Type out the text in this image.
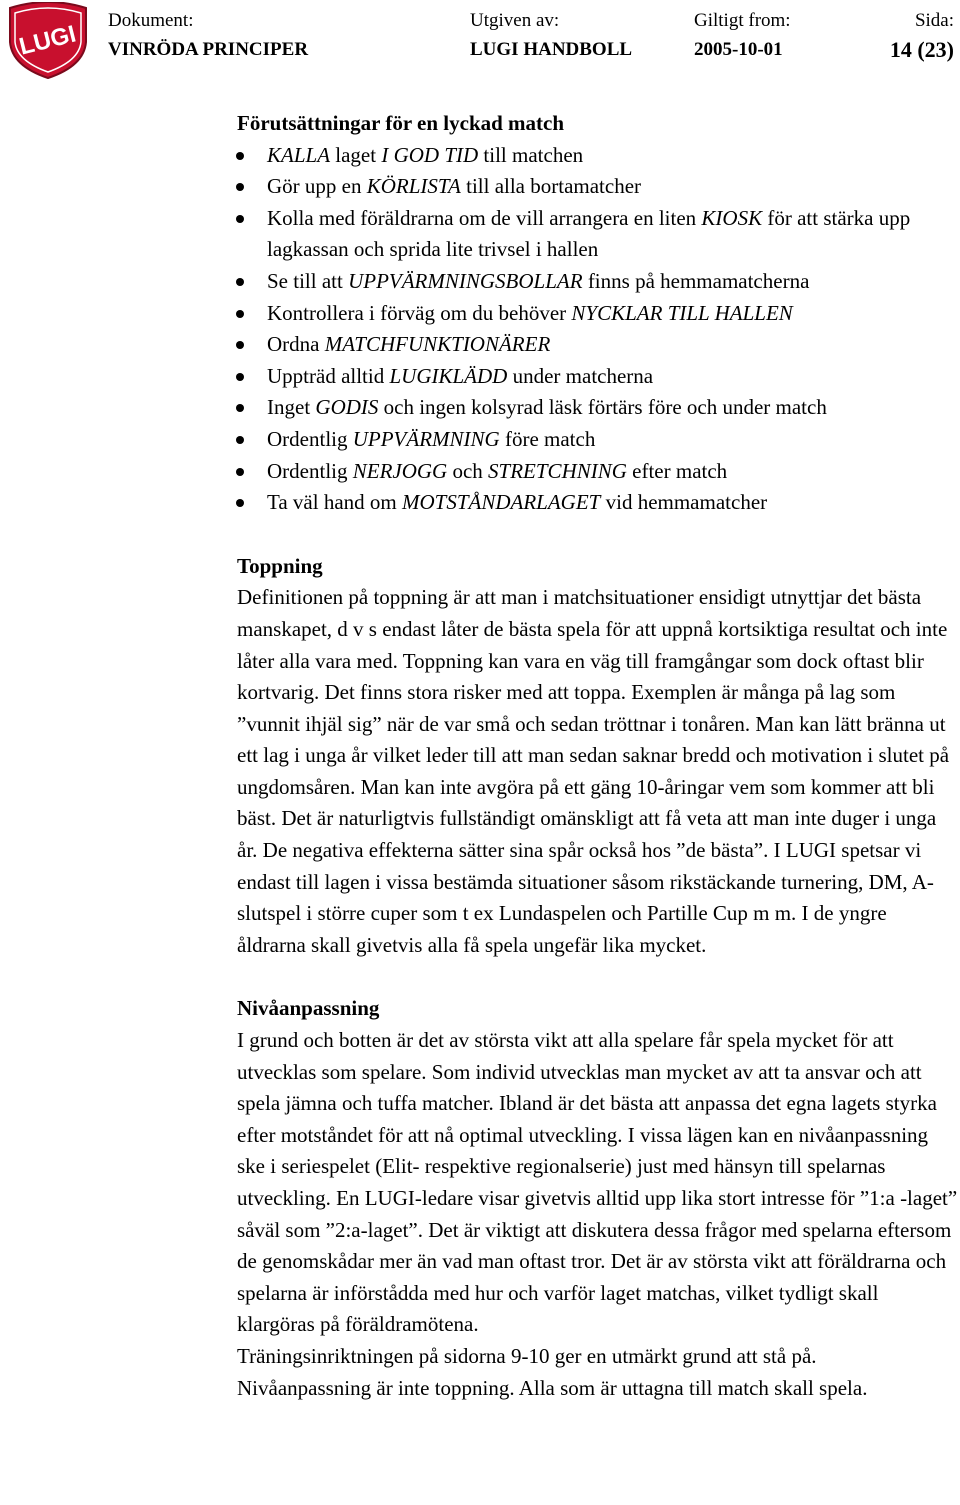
LUGI
Dokument:
VINRÖDA PRINCIPER
Utgiven av:
LUGI HANDBOLL
Giltigt from:
2005-10-01
Sida:
14 (23)
Förutsättningar för en lyckad match
KALLA laget I GOD TID till matchen
Gör upp en KÖRLISTA till alla bortamatcher
Kolla med föräldrarna om de vill arrangera en liten KIOSK för att stärka upp lagkassan och sprida lite trivsel i hallen
Se till att UPPVÄRMNINGSBOLLAR finns på hemmamatcherna
Kontrollera i förväg om du behöver NYCKLAR TILL HALLEN
Ordna MATCHFUNKTIONÄRER
Uppträd alltid LUGIKLÄDD under matcherna
Inget GODIS och ingen kolsyrad läsk förtärs före och under match
Ordentlig UPPVÄRMNING före match
Ordentlig NERJOGG och STRETCHNING efter match
Ta väl hand om MOTSTÅNDARLAGET vid hemmamatcher
Toppning

Definitionen på toppning är att man i matchsituationer ensidigt utnyttjar det bästa manskapet, d v s endast låter de bästa spela för att uppnå kortsiktiga resultat och inte låter alla vara med. Toppning kan vara en väg till framgångar som dock oftast blir kortvarig. Det finns stora risker med att toppa. Exemplen är många på lag som ”vunnit ihjäl sig” när de var små och sedan tröttnar i tonåren. Man kan lätt bränna ut ett lag i unga år vilket leder till att man sedan saknar bredd och motivation i slutet på ungdomsåren. Man kan inte avgöra på ett gäng 10-åringar vem som kommer att bli bäst. Det är naturligtvis fullständigt omänskligt att få veta att man inte duger i unga år. De negativa effekterna sätter sina spår också hos ”de bästa”. I LUGI spetsar vi endast till lagen i vissa bestämda situationer såsom rikstäckande turnering, DM, A-slutspel i större cuper som t ex Lundaspelen och Partille Cup m m. I de yngre åldrarna skall givetvis alla få spela ungefär lika mycket.

Nivåanpassning

I grund och botten är det av största vikt att alla spelare får spela mycket för att utvecklas som spelare. Som individ utvecklas man mycket av att ta ansvar och att spela jämna och tuffa matcher. Ibland är det bästa att anpassa det egna lagets styrka efter motståndet för att nå optimal utveckling. I vissa lägen kan en nivåanpassning ske i seriespelet (Elit- respektive regionalserie) just med hänsyn till spelarnas utveckling. En LUGI-ledare visar givetvis alltid upp lika stort intresse för ”1:a -laget” såväl som ”2:a-laget”. Det är viktigt att diskutera dessa frågor med spelarna eftersom de genomskådar mer än vad man oftast tror. Det är av största vikt att föräldrarna och spelarna är införstådda med hur och varför laget matchas, vilket tydligt skall klargöras på föräldramötena.

Träningsinriktningen på sidorna 9-10 ger en utmärkt grund att stå på.

Nivåanpassning är inte toppning. Alla som är uttagna till match skall spela.
